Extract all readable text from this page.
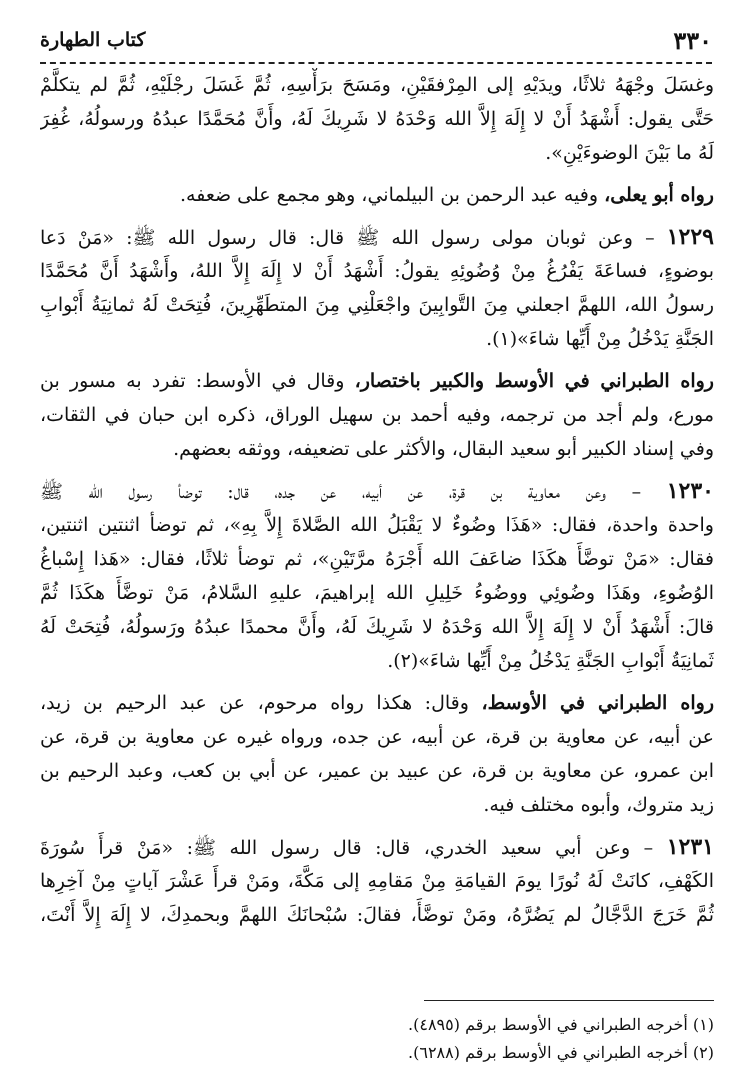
٣٣٠
كتاب الطهارة
وغسَلَ وجْهَهُ ثلاثًا، ويدَيْهِ إلى المِرْفقَيْنِ، ومَسَحَ برَأْسِهِ، ثُمَّ غَسَلَ رجْلَيْهِ، ثُمَّ لم يتكلَّمْ
حَتَّى يقول: أَشْهَدُ أَنْ لا إِلَهَ إِلاَّ الله وَحْدَهُ لا شَرِيكَ لَهُ، وأَنَّ مُحَمَّدًا عبدُهُ ورسولُهُ، غُفِرَ
لَهُ ما بَيْنَ الوضوءَيْنِ».
رواه أبو يعلى، وفيه عبد الرحمن بن البيلماني، وهو مجمع على ضعفه.
١٢٢٩ – وعن ثوبان مولى رسول الله ﷺ قال: قال رسول الله ﷺ: «مَنْ دَعا
بوضوءٍ، فساعَةَ يَفْرُغُ مِنْ وُضُوئِهِ يقولُ: أَشْهَدُ أَنْ لا إِلَهَ إِلاَّ اللهُ، وأَشْهَدُ أَنَّ مُحَمَّدًا
رسولُ الله، اللهمَّ اجعلني مِنَ التَّوابِينَ واجْعَلْنِي مِنَ المتطَهِّرِينَ، فُتِحَتْ لَهُ ثمانِيَةُ أَبْوابِ
الجَنَّةِ يَدْخُلُ مِنْ أَيِّها شاءَ»(١).
رواه الطبراني في الأوسط والكبير باختصار، وقال في الأوسط: تفرد به مسور بن
مورع، ولم أجد من ترجمه، وفيه أحمد بن سهيل الوراق، ذكره ابن حبان في الثقات،
وفي إسناد الكبير أبو سعيد البقال، والأكثر على تضعيفه، ووثقه بعضهم.
١٢٣٠ – وعن معاوية بن قرة، عن أبيه، عن جده، قال: توضأ رسول الله ﷺ
واحدة واحدة، فقال: «هَذَا وضُوءٌ لا يَقْبَلُ الله الصَّلاةَ إِلاَّ بِهِ»، ثم توضأ اثنتين اثنتين،
فقال: «مَنْ توضَّأَ هكَذَا ضاعَفَ الله أَجْرَهُ مرَّتَيْنِ»، ثم توضأ ثلاثًا، فقال: «هَذا إِسْباغُ
الوُضُوءِ، وهَذَا وضُوئِي ووضُوءُ خَلِيلِ الله إبراهيمَ، عليهِ السَّلامُ، مَنْ توضَّأَ هكَذَا ثُمَّ
قالَ: أَشْهَدُ أَنْ لا إِلَهَ إِلاَّ الله وَحْدَهُ لا شَرِيكَ لَهُ، وأَنَّ محمدًا عبدُهُ ورَسولُهُ، فُتِحَتْ لَهُ
ثَمانِيَةُ أَبْوابِ الجَنَّةِ يَدْخُلُ مِنْ أَيِّها شاءَ»(٢).
رواه الطبراني في الأوسط، وقال: هكذا رواه مرحوم، عن عبد الرحيم بن زيد،
عن أبيه، عن معاوية بن قرة، عن أبيه، عن جده، ورواه غيره عن معاوية بن قرة، عن
ابن عمرو، عن معاوية بن قرة، عن عبيد بن عمير، عن أبي بن كعب، وعبد الرحيم بن
زيد متروك، وأبوه مختلف فيه.
١٢٣١ – وعن أبي سعيد الخدري، قال: قال رسول الله ﷺ: «مَنْ قرأَ سُورَةَ
الكَهْفِ، كانَتْ لَهُ نُورًا يومَ القيامَةِ مِنْ مَقامِهِ إلى مَكَّةَ، ومَنْ قرأَ عَشْرَ آياتٍ مِنْ آخِرِها
ثُمَّ خَرَجَ الدَّجَّالُ لم يَضُرَّهُ، ومَنْ توضَّأَ، فقالَ: سُبْحانَكَ اللهمَّ وبحمدِكَ، لا إِلَهَ إِلاَّ أَنْتَ،
(١) أخرجه الطبراني في الأوسط برقم (٤٨٩٥).
(٢) أخرجه الطبراني في الأوسط برقم (٦٢٨٨).
